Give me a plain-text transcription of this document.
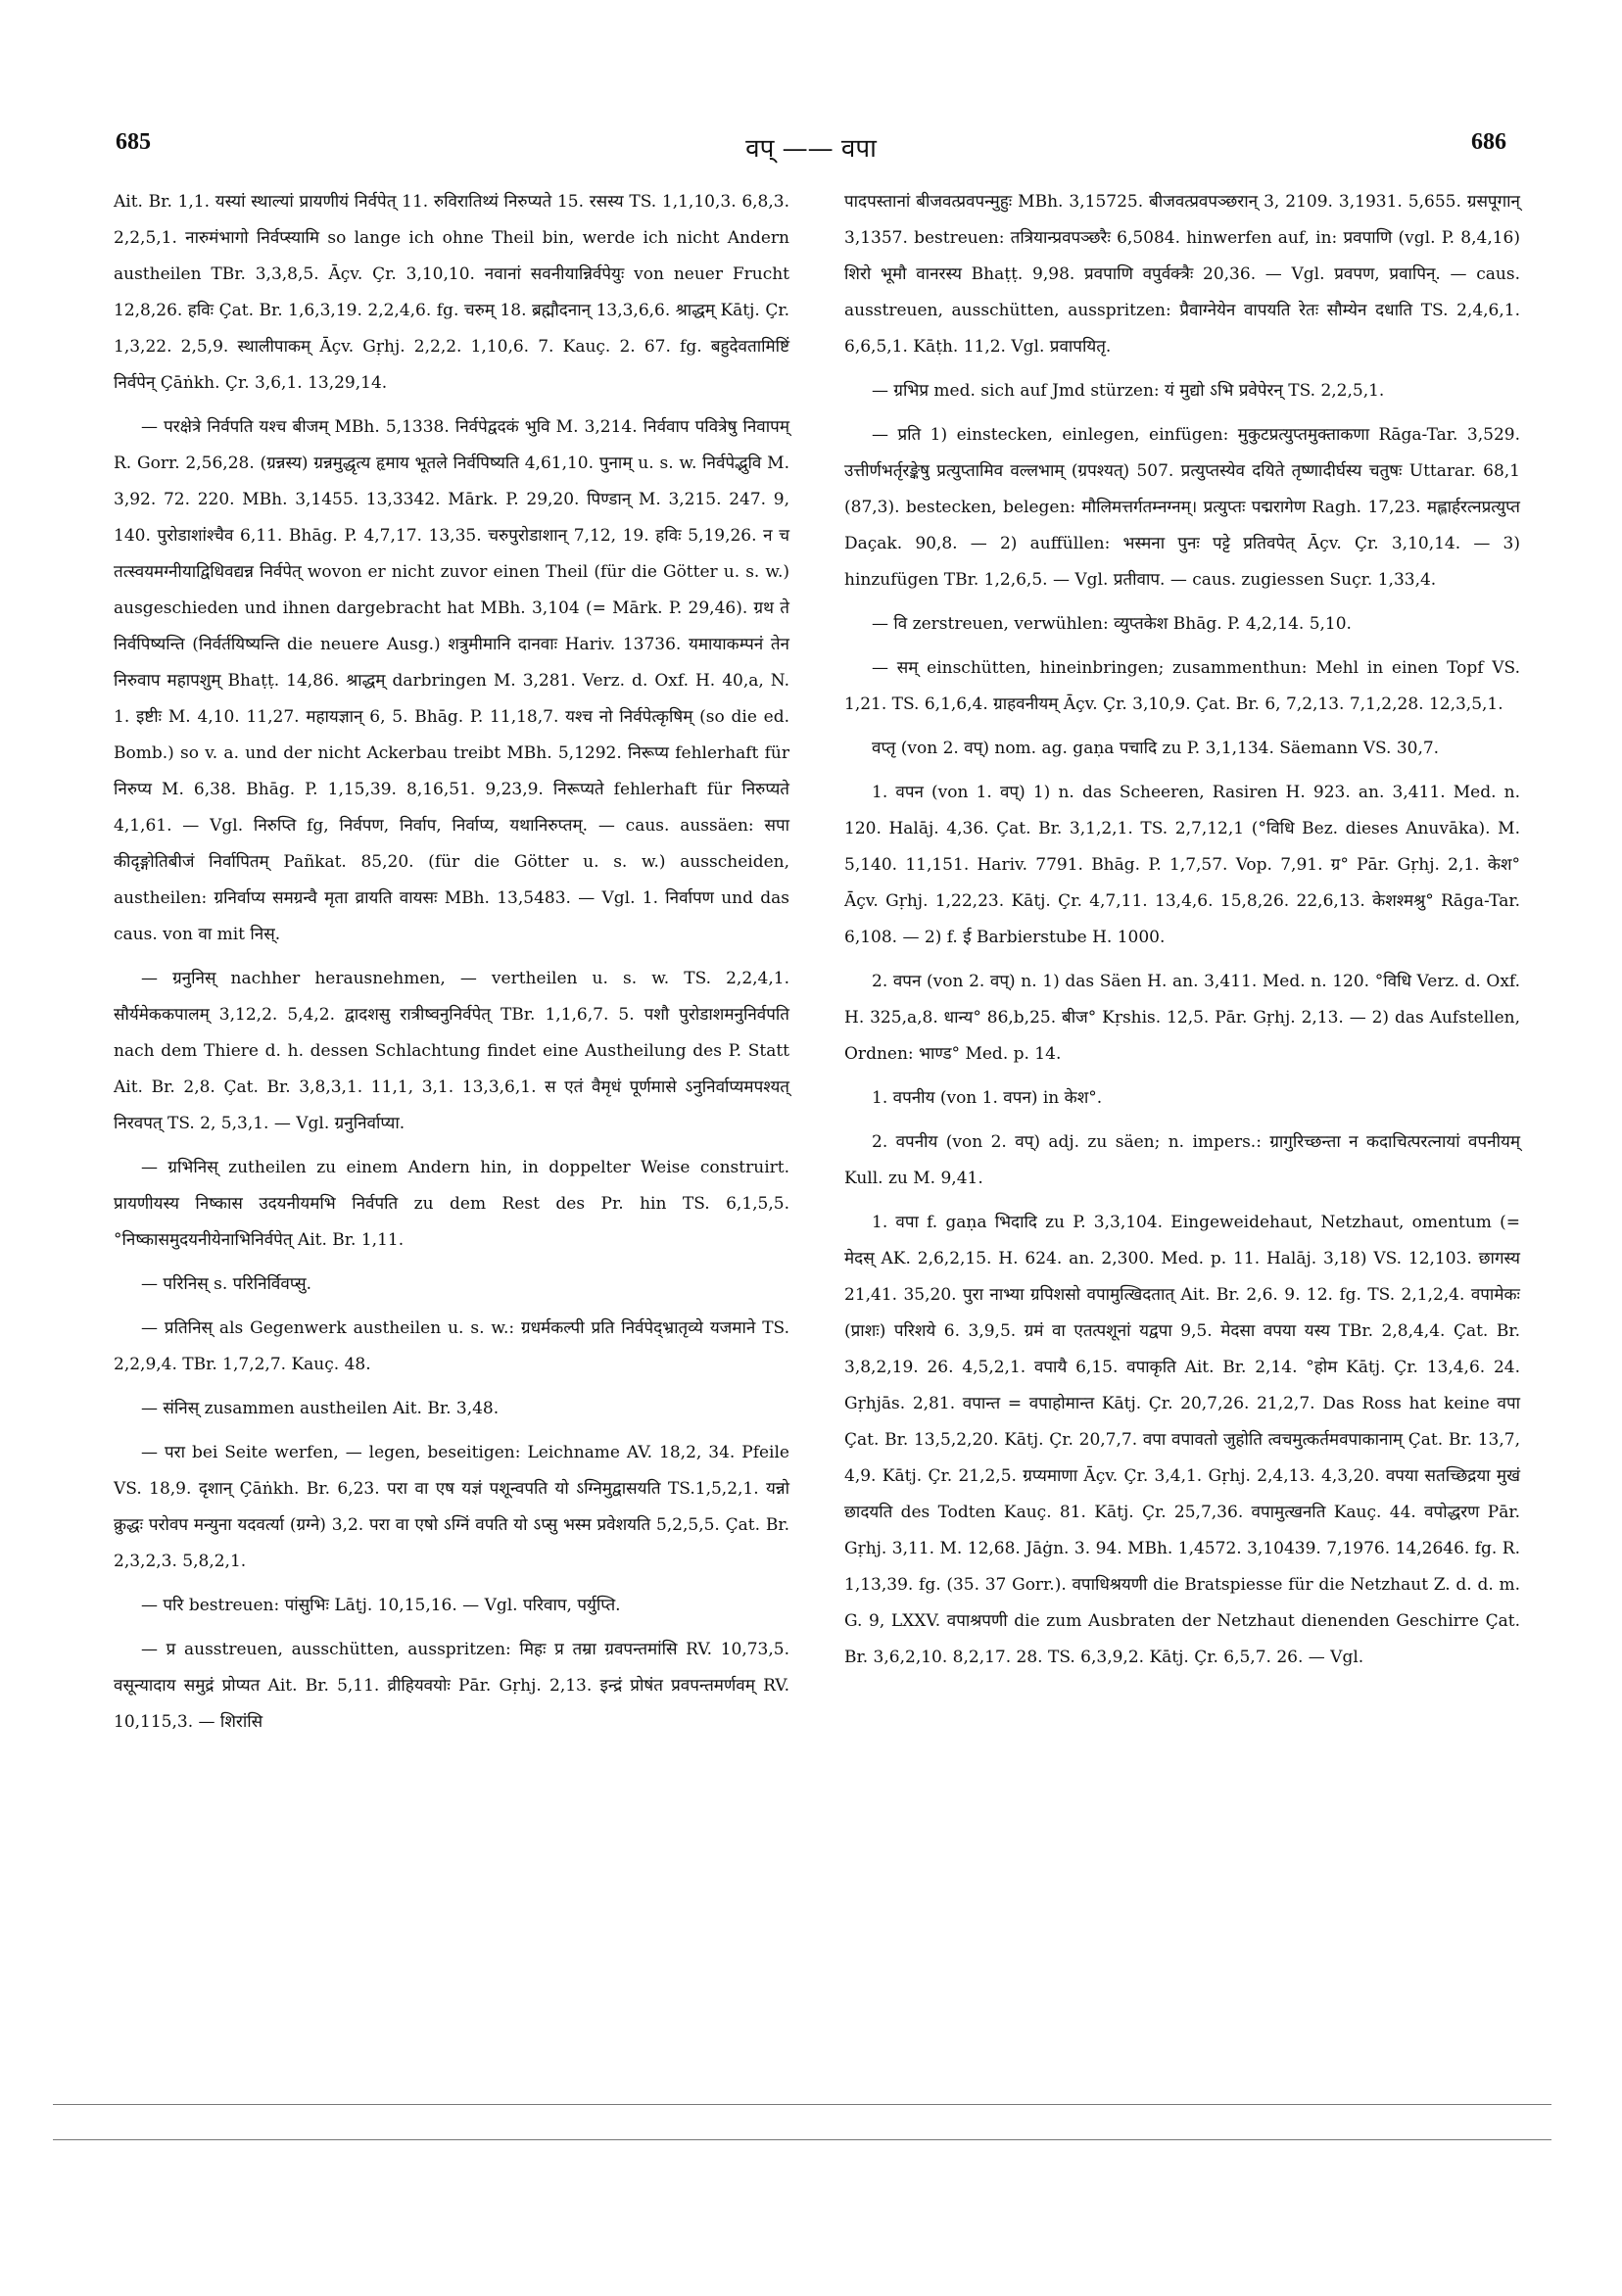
685	वप् —— वपा	686

Ait. Br. 1,1. यस्यां स्थाल्यां प्रायणीयं निर्वपेत् 11. रुविरातिथ्यं निरुप्यते 15. रसस्य TS. 1,1,10,3. 6,8,3. 2,2,5,1. नारुमंभागो निर्वप्स्यामि so lange ich ohne Theil bin, werde ich nicht Andern austheilen TBr. 3,3,8,5. Āçv. Çr. 3,10,10. नवानां सवनीयान्निर्वपेयुः von neuer Frucht 12,8,26. हविः Çat. Br. 1,6,3,19. 2,2,4,6. fg. चरुम् 18. ब्रह्मौदनान् 13,3,6,6. श्राद्धम् Kātj. Çr. 1,3,22. 2,5,9. स्थालीपाकम् Āçv. Gṛhj. 2,2,2. 1,10,6. 7. Kauç. 2. 67. fg. बहुदेवतामिष्टिं निर्वपेन् Çāṅkh. Çr. 3,6,1. 13,29,14.

— परक्षेत्रे निर्वपति यश्च बीजम् MBh. 5,1338. निर्वपेद्वदकं भुवि M. 3,214. निर्ववाप पवित्रेषु निवापम् R. Gorr. 2,56,28. (ग्रन्नस्य) ग्रन्नमुद्धृत्य हृमाय भूतले निर्वपिष्यति 4,61,10. पुनाम् u. s. w. निर्वपेद्भुवि M. 3,92. 72. 220. MBh. 3,1455. 13,3342. Mārk. P. 29,20. पिण्डान् M. 3,215. 247. 9, 140. पुरोडाशांश्चैव 6,11. Bhāg. P. 4,7,17. 13,35. चरुपुरोडाशान् 7,12, 19. हविः 5,19,26. न च तत्स्वयमग्नीयाद्विधिवद्यन्न निर्वपेत् wovon er nicht zuvor einen Theil (für die Götter u. s. w.) ausgeschieden und ihnen dargebracht hat MBh. 3,104 (= Mārk. P. 29,46). ग्रथ ते निर्वपिष्यन्ति (निर्वर्तयिष्यन्ति die neuere Ausg.) शत्रुमीमानि दानवाः Hariv. 13736. यमायाकम्पनं तेन निरुवाप महापशुम् Bhaṭṭ. 14,86. श्राद्धम् darbringen M. 3,281. Verz. d. Oxf. H. 40,a, N. 1. इष्टीः M. 4,10. 11,27. महायज्ञान् 6, 5. Bhāg. P. 11,18,7. यश्च नो निर्वपेत्कृषिम् (so die ed. Bomb.) so v. a. und der nicht Ackerbau treibt MBh. 5,1292. निरूप्य fehlerhaft für निरुप्य M. 6,38. Bhāg. P. 1,15,39. 8,16,51. 9,23,9. निरूप्यते fehlerhaft für निरुप्यते 4,1,61. — Vgl. निरुप्ति fg, निर्वपण, निर्वाप, निर्वाप्य, यथानिरुप्तम्. — caus. aussäen: सपा कीदृङ्गोतिबीजं निर्वापितम् Pañkat. 85,20. (für die Götter u. s. w.) ausscheiden, austheilen: ग्रनिर्वाप्य समग्रन्वै मृता व्रायति वायसः MBh. 13,5483. — Vgl. 1. निर्वापण und das caus. von वा mit निस्.

— ग्रनुनिस् nachher herausnehmen, — vertheilen u. s. w. TS. 2,2,4,1. सौर्यमेककपालम् 3,12,2. 5,4,2. द्वादशसु रात्रीष्वनुनिर्वपेत् TBr. 1,1,6,7. 5. पशौ पुरोडाशमनुनिर्वपति nach dem Thiere d. h. dessen Schlachtung findet eine Austheilung des P. Statt Ait. Br. 2,8. Çat. Br. 3,8,3,1. 11,1, 3,1. 13,3,6,1. स एतं वैमृधं पूर्णमासे ऽनुनिर्वाप्यमपश्यत् निरवपत् TS. 2, 5,3,1. — Vgl. ग्रनुनिर्वाप्या.

— ग्रभिनिस् zutheilen zu einem Andern hin, in doppelter Weise construirt. प्रायणीयस्य निष्कास उदयनीयमभि निर्वपति zu dem Rest des Pr. hin TS. 6,1,5,5. °निष्कासमुदयनीयेनाभिनिर्वपेत् Ait. Br. 1,11.

— परिनिस् s. परिनिर्विवप्सु.

— प्रतिनिस् als Gegenwerk austheilen u. s. w.: ग्रधर्मकल्पी प्रति निर्वपेद्भ्रातृव्ये यजमाने TS. 2,2,9,4. TBr. 1,7,2,7. Kauç. 48.

— संनिस् zusammen austheilen Ait. Br. 3,48.

— परा bei Seite werfen, — legen, beseitigen: Leichname AV. 18,2, 34. Pfeile VS. 18,9. दृशान् Çāṅkh. Br. 6,23. परा वा एष यज्ञं पशून्वपति यो ऽग्निमुद्वासयति TS.1,5,2,1. यन्नो क्रुद्धः परोवप मन्युना यदवर्त्या (ग्रग्ने) 3,2. परा वा एषो ऽग्निं वपति यो ऽप्सु भस्म प्रवेशयति 5,2,5,5. Çat. Br. 2,3,2,3. 5,8,2,1.

— परि bestreuen: पांसुभिः Lāṭj. 10,15,16. — Vgl. परिवाप, पर्युप्ति.

— प्र ausstreuen, ausschütten, ausspritzen: मिहः प्र तम्रा ग्रवपन्तमांसि RV. 10,73,5. वसून्यादाय समुद्रं प्रोप्यत Ait. Br. 5,11. व्रीहियवयोः Pār. Gṛhj. 2,13. इन्द्रं प्रोषंत प्रवपन्तमर्णवम् RV. 10,115,3. — शिरांसि

पादपस्तानां बीजवत्प्रवपन्मुहुः MBh. 3,15725. बीजवत्प्रवपञ्छरान् 3, 2109. 3,1931. 5,655. ग्रसपूगान् 3,1357. bestreuen: तत्रियान्प्रवपञ्छरैः 6,5084. hinwerfen auf, in: प्रवपाणि (vgl. P. 8,4,16) शिरो भूमौ वानरस्य Bhaṭṭ. 9,98. प्रवपाणि वपुर्वक्त्रैः 20,36. — Vgl. प्रवपण, प्रवापिन्. — caus. ausstreuen, ausschütten, ausspritzen: प्रैवाग्नेयेन वापयति रेतः सौम्येन दधाति TS. 2,4,6,1. 6,6,5,1. Kāṭh. 11,2. Vgl. प्रवापयितृ.

— ग्रभिप्र med. sich auf Jmd stürzen: यं मुद्यो ऽभि प्रवेपेरन् TS. 2,2,5,1.

— प्रति 1) einstecken, einlegen, einfügen: मुकुटप्रत्युप्तमुक्ताकणा Rāga-Tar. 3,529. उत्तीर्णभर्तृरङ्केषु प्रत्युप्तामिव वल्लभाम् (ग्रपश्यत्) 507. प्रत्युप्तस्येव दयिते तृष्णादीर्घस्य चतुषः Uttarar. 68,1 (87,3). bestecken, belegen: मौलिमत्तर्गतम्नग्नम्। प्रत्युप्तः पद्मरागेण Ragh. 17,23. मह्लार्हरत्नप्रत्युप्त Daçak. 90,8. — 2) auffüllen: भस्मना पुनः पट्टे प्रतिवपेत् Āçv. Çr. 3,10,14. — 3) hinzufügen TBr. 1,2,6,5. — Vgl. प्रतीवाप. — caus. zugiessen Suçr. 1,33,4.

— वि zerstreuen, verwühlen: व्युप्तकेश Bhāg. P. 4,2,14. 5,10.

— सम् einschütten, hineinbringen; zusammenthun: Mehl in einen Topf VS. 1,21. TS. 6,1,6,4. ग्राहवनीयम् Āçv. Çr. 3,10,9. Çat. Br. 6, 7,2,13. 7,1,2,28. 12,3,5,1.

वप्तृ (von 2. वप्) nom. ag. gaṇa पचादि zu P. 3,1,134. Säemann VS. 30,7.

1. वपन (von 1. वप्) 1) n. das Scheeren, Rasiren H. 923. an. 3,411. Med. n. 120. Halāj. 4,36. Çat. Br. 3,1,2,1. TS. 2,7,12,1 (°विधि Bez. dieses Anuvāka). M. 5,140. 11,151. Hariv. 7791. Bhāg. P. 1,7,57. Vop. 7,91. ग्र° Pār. Gṛhj. 2,1. केश° Āçv. Gṛhj. 1,22,23. Kātj. Çr. 4,7,11. 13,4,6. 15,8,26. 22,6,13. केशश्मश्रु° Rāga-Tar. 6,108. — 2) f. ई Barbierstube H. 1000.

2. वपन (von 2. वप्) n. 1) das Säen H. an. 3,411. Med. n. 120. °विधि Verz. d. Oxf. H. 325,a,8. धान्य° 86,b,25. बीज° Kṛshis. 12,5. Pār. Gṛhj. 2,13. — 2) das Aufstellen, Ordnen: भाण्ड° Med. p. 14.

1. वपनीय (von 1. वपन) in केश°.

2. वपनीय (von 2. वप्) adj. zu säen; n. impers.: ग्रागुरिच्छन्ता न कदाचित्परत्नायां वपनीयम् Kull. zu M. 9,41.

1. वपा f. gaṇa भिदादि zu P. 3,3,104. Eingeweidehaut, Netzhaut, omentum (= मेदस् AK. 2,6,2,15. H. 624. an. 2,300. Med. p. 11. Halāj. 3,18) VS. 12,103. छागस्य 21,41. 35,20. पुरा नाभ्या ग्रपिशसो वपामुत्खिदतात् Ait. Br. 2,6. 9. 12. fg. TS. 2,1,2,4. वपामेकः (प्राशः) परिशये 6. 3,9,5. ग्रमं वा एतत्पशूनां यद्वपा 9,5. मेदसा वपया यस्य TBr. 2,8,4,4. Çat. Br. 3,8,2,19. 26. 4,5,2,1. वपायै 6,15. वपाकृति Ait. Br. 2,14. °होम Kātj. Çr. 13,4,6. 24. Gṛhjās. 2,81. वपान्त = वपाहोमान्त Kātj. Çr. 20,7,26. 21,2,7. Das Ross hat keine वपा Çat. Br. 13,5,2,20. Kātj. Çr. 20,7,7. वपा वपावतो जुहोति त्वचमुत्कर्तमवपाकानाम् Çat. Br. 13,7, 4,9. Kātj. Çr. 21,2,5. ग्रप्यमाणा Āçv. Çr. 3,4,1. Gṛhj. 2,4,13. 4,3,20. वपया सतच्छिद्रया मुखं छादयति des Todten Kauç. 81. Kātj. Çr. 25,7,36. वपामुत्खनति Kauç. 44. वपोद्धरण Pār. Gṛhj. 3,11. M. 12,68. Jāġn. 3. 94. MBh. 1,4572. 3,10439. 7,1976. 14,2646. fg. R. 1,13,39. fg. (35. 37 Gorr.). वपाधिश्रयणी die Bratspiesse für die Netzhaut Z. d. d. m. G. 9, LXXV. वपाश्रपणी die zum Ausbraten der Netzhaut dienenden Geschirre Çat. Br. 3,6,2,10. 8,2,17. 28. TS. 6,3,9,2. Kātj. Çr. 6,5,7. 26. — Vgl.
